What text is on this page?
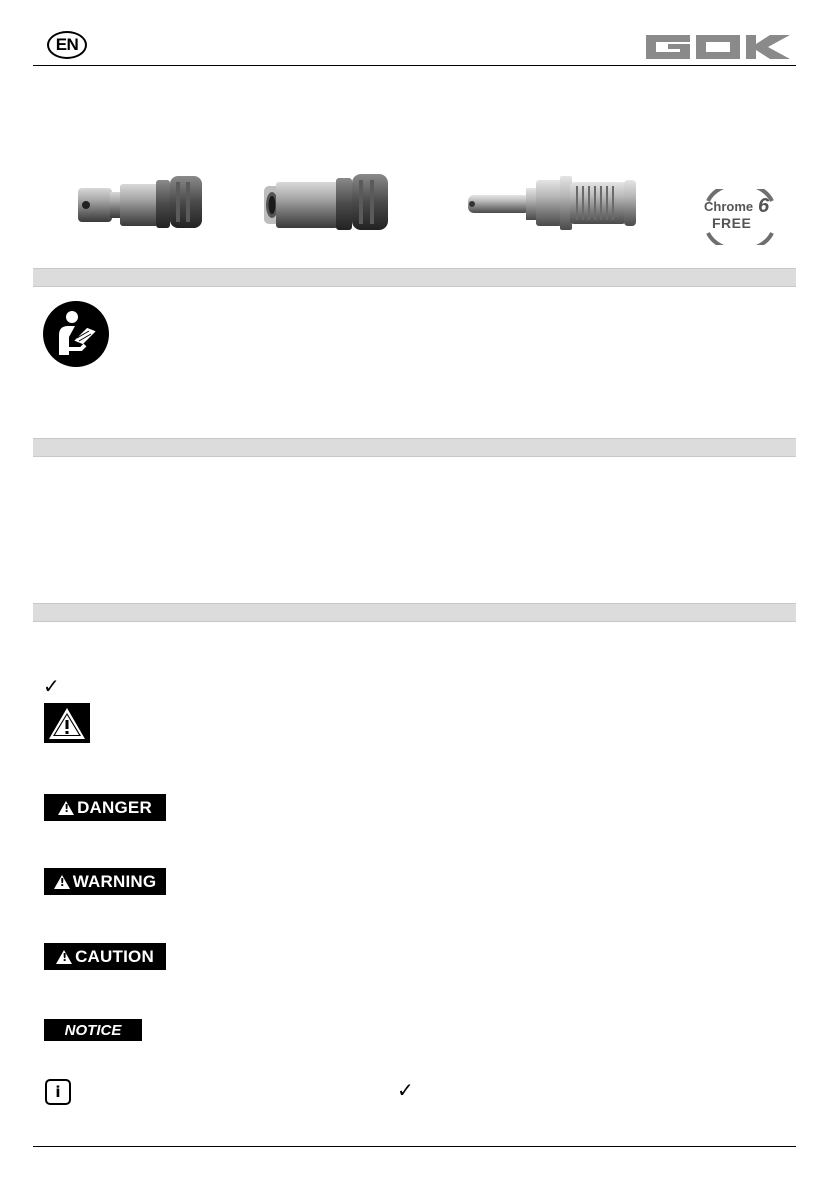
EN
Chrome 6
FREE
✓
!
DANGER
!
WARNING
!
CAUTION
NOTICE
i	✓
